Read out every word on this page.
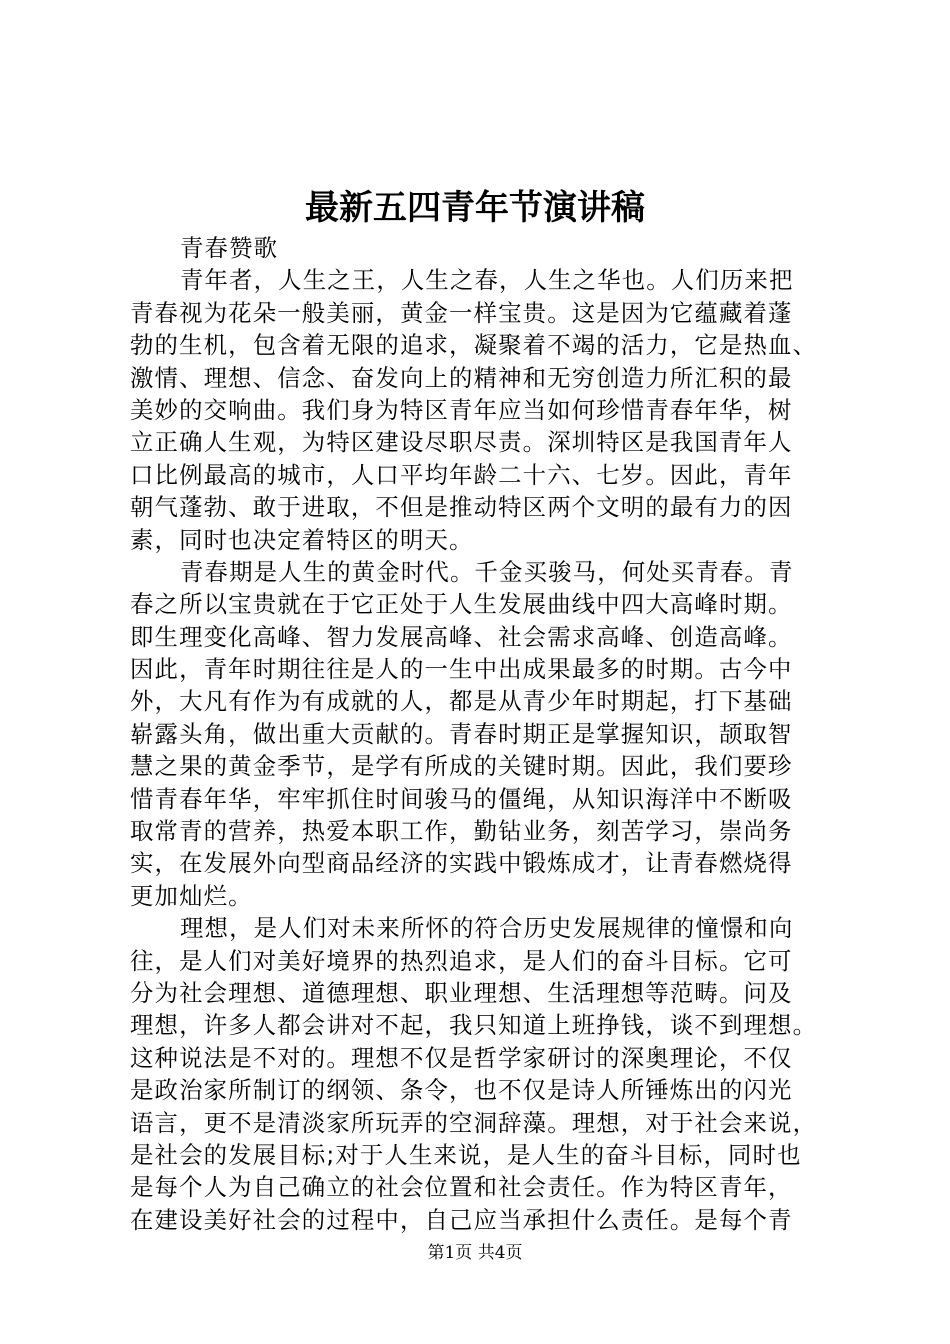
最新五四青年节演讲稿
青春赞歌
青年者，人生之王，人生之春，人生之华也。人们历来把
青春视为花朵一般美丽，黄金一样宝贵。这是因为它蕴藏着蓬
勃的生机，包含着无限的追求，凝聚着不竭的活力，它是热血、
激情、理想、信念、奋发向上的精神和无穷创造力所汇积的最
美妙的交响曲。我们身为特区青年应当如何珍惜青春年华，树
立正确人生观，为特区建设尽职尽责。深圳特区是我国青年人
口比例最高的城市，人口平均年龄二十六、七岁。因此，青年
朝气蓬勃、敢于进取，不但是推动特区两个文明的最有力的因
素，同时也决定着特区的明天。
青春期是人生的黄金时代。千金买骏马，何处买青春。青
春之所以宝贵就在于它正处于人生发展曲线中四大高峰时期。
即生理变化高峰、智力发展高峰、社会需求高峰、创造高峰。
因此，青年时期往往是人的一生中出成果最多的时期。古今中
外，大凡有作为有成就的人，都是从青少年时期起，打下基础
崭露头角，做出重大贡献的。青春时期正是掌握知识，颉取智
慧之果的黄金季节，是学有所成的关键时期。因此，我们要珍
惜青春年华，牢牢抓住时间骏马的僵绳，从知识海洋中不断吸
取常青的营养，热爱本职工作，勤钻业务，刻苦学习，崇尚务
实，在发展外向型商品经济的实践中锻炼成才，让青春燃烧得
更加灿烂。
理想，是人们对未来所怀的符合历史发展规律的憧憬和向
往，是人们对美好境界的热烈追求，是人们的奋斗目标。它可
分为社会理想、道德理想、职业理想、生活理想等范畴。问及
理想，许多人都会讲对不起，我只知道上班挣钱，谈不到理想。
这种说法是不对的。理想不仅是哲学家研讨的深奥理论，不仅
是政治家所制订的纲领、条令，也不仅是诗人所锤炼出的闪光
语言，更不是清淡家所玩弄的空洞辞藻。理想，对于社会来说，
是社会的发展目标;对于人生来说，是人生的奋斗目标，同时也
是每个人为自己确立的社会位置和社会责任。作为特区青年，
在建设美好社会的过程中，自己应当承担什么责任。是每个青
第1页 共4页
